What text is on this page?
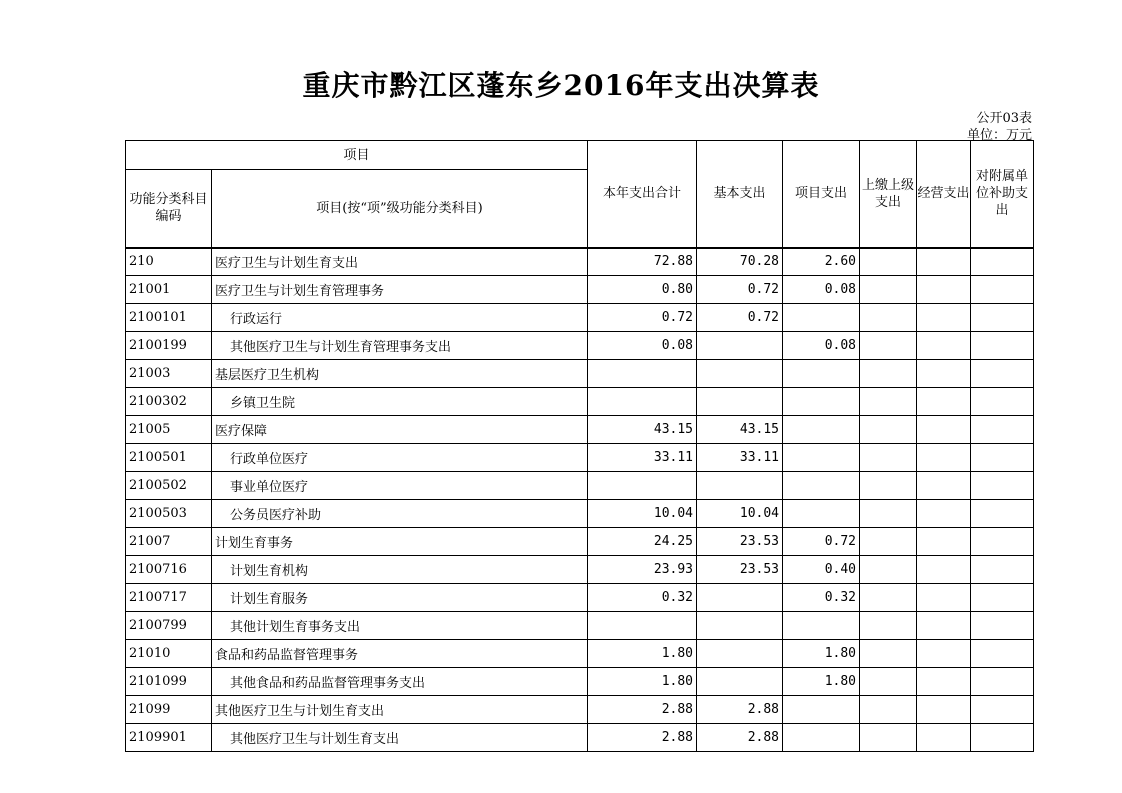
重庆市黔江区蓬东乡2016年支出决算表
公开03表
单位：万元
项目		本年支出合计	基本支出	项目支出	上缴上级支出	经营支出	对附属单位补助支出
功能分类科目编码	项目(按“项”级功能分类科目)						
210	医疗卫生与计划生育支出	72.88	70.28	2.60			
21001	医疗卫生与计划生育管理事务	0.80	0.72	0.08			
2100101	行政运行	0.72	0.72				
2100199	其他医疗卫生与计划生育管理事务支出	0.08		0.08			
21003	基层医疗卫生机构						
2100302	乡镇卫生院						
21005	医疗保障	43.15	43.15				
2100501	行政单位医疗	33.11	33.11				
2100502	事业单位医疗						
2100503	公务员医疗补助	10.04	10.04				
21007	计划生育事务	24.25	23.53	0.72			
2100716	计划生育机构	23.93	23.53	0.40			
2100717	计划生育服务	0.32		0.32			
2100799	其他计划生育事务支出						
21010	食品和药品监督管理事务	1.80		1.80			
2101099	其他食品和药品监督管理事务支出	1.80		1.80			
21099	其他医疗卫生与计划生育支出	2.88	2.88				
2109901	其他医疗卫生与计划生育支出	2.88	2.88				
